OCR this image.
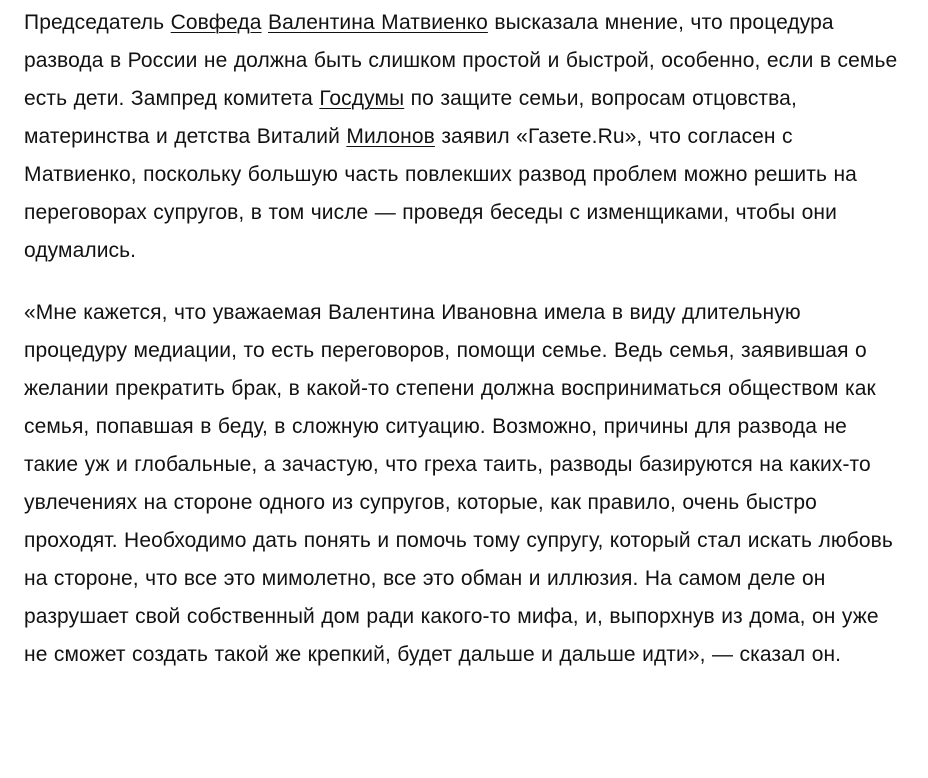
Председатель Совфеда Валентина Матвиенко высказала мнение, что процедура развода в России не должна быть слишком простой и быстрой, особенно, если в семье есть дети. Зампред комитета Госдумы по защите семьи, вопросам отцовства, материнства и детства Виталий Милонов заявил «Газете.Ru», что согласен с Матвиенко, поскольку большую часть повлекших развод проблем можно решить на переговорах супругов, в том числе — проведя беседы с изменщиками, чтобы они одумались.

«Мне кажется, что уважаемая Валентина Ивановна имела в виду длительную процедуру медиации, то есть переговоров, помощи семье. Ведь семья, заявившая о желании прекратить брак, в какой-то степени должна восприниматься обществом как семья, попавшая в беду, в сложную ситуацию. Возможно, причины для развода не такие уж и глобальные, а зачастую, что греха таить, разводы базируются на каких-то увлечениях на стороне одного из супругов, которые, как правило, очень быстро проходят. Необходимо дать понять и помочь тому супругу, который стал искать любовь на стороне, что все это мимолетно, все это обман и иллюзия. На самом деле он разрушает свой собственный дом ради какого-то мифа, и, выпорхнув из дома, он уже не сможет создать такой же крепкий, будет дальше и дальше идти», — сказал он.
